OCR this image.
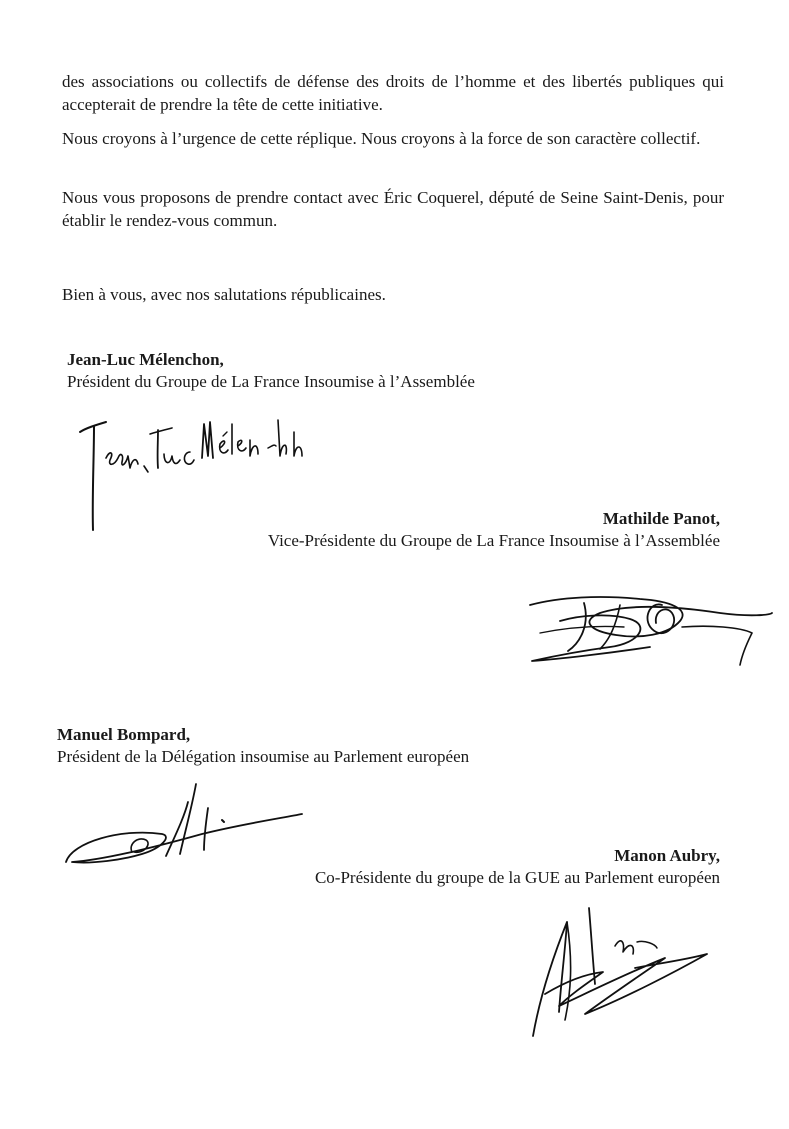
des associations ou collectifs de défense des droits de l’homme et des libertés publiques qui accepterait de prendre la tête de cette initiative.

Nous croyons à l’urgence de cette réplique. Nous croyons à la force de son caractère collectif.

Nous vous proposons de prendre contact avec Éric Coquerel, député de Seine Saint-Denis, pour établir le rendez-vous commun.

Bien à vous, avec nos salutations républicaines.

Jean-Luc Mélenchon,
Président du Groupe de La France Insoumise à l’Assemblée
Mathilde Panot,
Vice-Présidente du Groupe de La France Insoumise à l’Assemblée
Manuel Bompard,
Président de la Délégation insoumise au Parlement européen
Manon Aubry,
Co-Présidente du groupe de la GUE au Parlement européen
